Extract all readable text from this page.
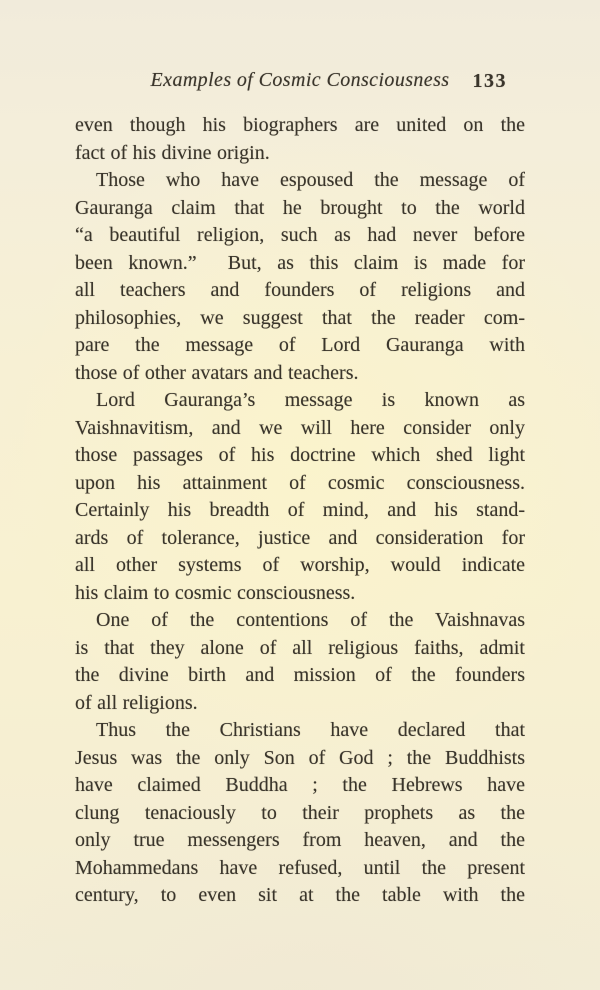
Examples of Cosmic Consciousness 133

even though his biographers are united on the
fact of his divine origin.

Those who have espoused the message of
Gauranga claim that he brought to the world
“a beautiful religion, such as had never before
been known.”  But, as this claim is made for
all teachers and founders of religions and
philosophies, we suggest that the reader com-
pare the message of Lord Gauranga with
those of other avatars and teachers.

Lord Gauranga’s message is known as
Vaishnavitism, and we will here consider only
those passages of his doctrine which shed light
upon his attainment of cosmic consciousness.
Certainly his breadth of mind, and his stand-
ards of tolerance, justice and consideration for
all other systems of worship, would indicate
his claim to cosmic consciousness.

One of the contentions of the Vaishnavas
is that they alone of all religious faiths, admit
the divine birth and mission of the founders
of all religions.

Thus the Christians have declared that
Jesus was the only Son of God ; the Buddhists
have claimed Buddha ; the Hebrews have
clung tenaciously to their prophets as the
only true messengers from heaven, and the
Mohammedans have refused, until the present
century, to even sit at the table with the
